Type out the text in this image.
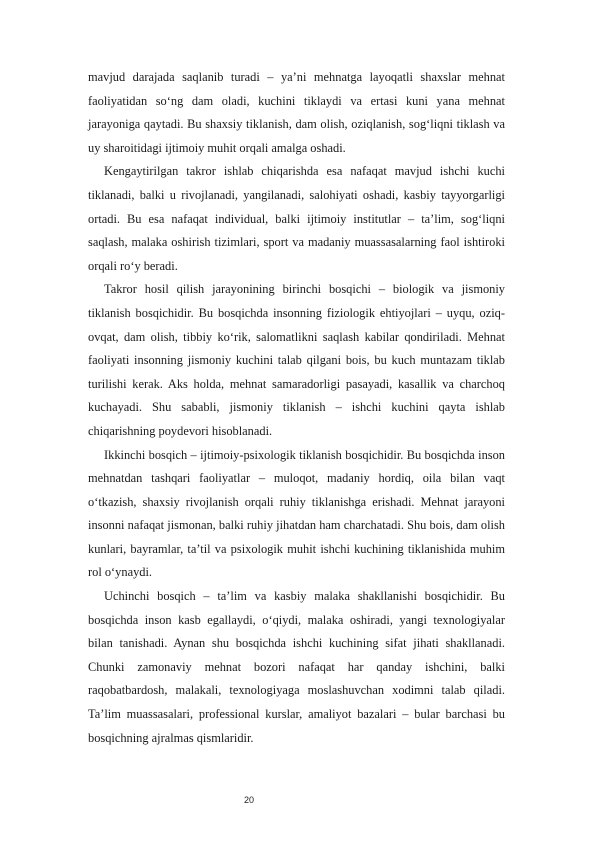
mavjud darajada saqlanib turadi – ya’ni mehnatga layoqatli shaxslar mehnat faoliyatidan so‘ng dam oladi, kuchini tiklaydi va ertasi kuni yana mehnat jarayoniga qaytadi. Bu shaxsiy tiklanish, dam olish, oziqlanish, sog‘liqni tiklash va uy sharoitidagi ijtimoiy muhit orqali amalga oshadi.

Kengaytirilgan takror ishlab chiqarishda esa nafaqat mavjud ishchi kuchi tiklanadi, balki u rivojlanadi, yangilanadi, salohiyati oshadi, kasbiy tayyorgarligi ortadi. Bu esa nafaqat individual, balki ijtimoiy institutlar – ta’lim, sog‘liqni saqlash, malaka oshirish tizimlari, sport va madaniy muassasalarning faol ishtiroki orqali ro‘y beradi.

Takror hosil qilish jarayonining birinchi bosqichi – biologik va jismoniy tiklanish bosqichidir. Bu bosqichda insonning fiziologik ehtiyojlari – uyqu, oziq-ovqat, dam olish, tibbiy ko‘rik, salomatlikni saqlash kabilar qondiriladi. Mehnat faoliyati insonning jismoniy kuchini talab qilgani bois, bu kuch muntazam tiklab turilishi kerak. Aks holda, mehnat samaradorligi pasayadi, kasallik va charchoq kuchayadi. Shu sababli, jismoniy tiklanish – ishchi kuchini qayta ishlab chiqarishning poydevori hisoblanadi.

Ikkinchi bosqich – ijtimoiy-psixologik tiklanish bosqichidir. Bu bosqichda inson mehnatdan tashqari faoliyatlar – muloqot, madaniy hordiq, oila bilan vaqt o‘tkazish, shaxsiy rivojlanish orqali ruhiy tiklanishga erishadi. Mehnat jarayoni insonni nafaqat jismonan, balki ruhiy jihatdan ham charchatadi. Shu bois, dam olish kunlari, bayramlar, ta’til va psixologik muhit ishchi kuchining tiklanishida muhim rol o‘ynaydi.

Uchinchi bosqich – ta’lim va kasbiy malaka shakllanishi bosqichidir. Bu bosqichda inson kasb egallaydi, o‘qiydi, malaka oshiradi, yangi texnologiyalar bilan tanishadi. Aynan shu bosqichda ishchi kuchining sifat jihati shakllanadi. Chunki zamonaviy mehnat bozori nafaqat har qanday ishchini, balki raqobatbardosh, malakali, texnologiyaga moslashuvchan xodimni talab qiladi. Ta’lim muassasalari, professional kurslar, amaliyot bazalari – bular barchasi bu bosqichning ajralmas qismlaridir.

20
